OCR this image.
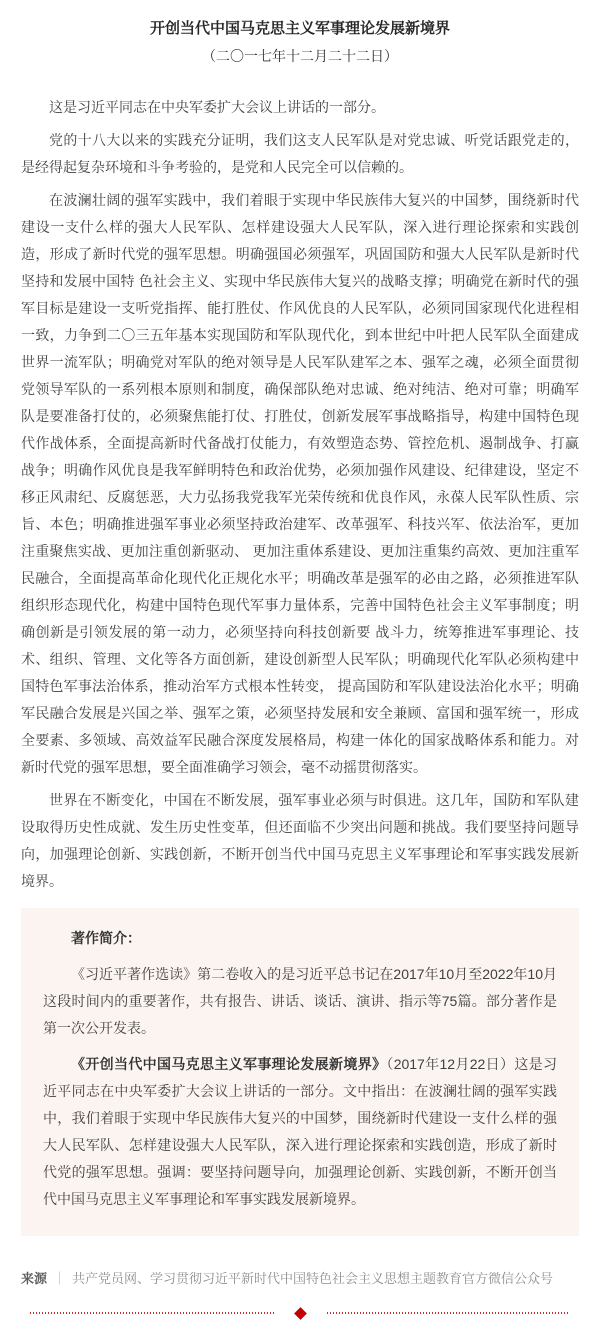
开创当代中国马克思主义军事理论发展新境界
（二〇一七年十二月二十二日）

这是习近平同志在中央军委扩大会议上讲话的一部分。

党的十八大以来的实践充分证明，我们这支人民军队是对党忠诚、听党话跟党走的，是经得起复杂环境和斗争考验的，是党和人民完全可以信赖的。

在波澜壮阔的强军实践中，我们着眼于实现中华民族伟大复兴的中国梦，围绕新时代建设一支什么样的强大人民军队、怎样建设强大人民军队，深入进行理论探索和实践创造，形成了新时代党的强军思想。明确强国必须强军，巩固国防和强大人民军队是新时代坚持和发展中国特 色社会主义、实现中华民族伟大复兴的战略支撑；明确党在新时代的强军目标是建设一支听党指挥、能打胜仗、作风优良的人民军队，必须同国家现代化进程相一致，力争到二〇三五年基本实现国防和军队现代化，到本世纪中叶把人民军队全面建成世界一流军队；明确党对军队的绝对领导是人民军队建军之本、强军之魂，必须全面贯彻党领导军队的一系列根本原则和制度，确保部队绝对忠诚、绝对纯洁、绝对可靠；明确军队是要准备打仗的，必须聚焦能打仗、打胜仗，创新发展军事战略指导，构建中国特色现代作战体系，全面提高新时代备战打仗能力，有效塑造态势、管控危机、遏制战争、打赢战争；明确作风优良是我军鲜明特色和政治优势，必须加强作风建设、纪律建设，坚定不移正风肃纪、反腐惩恶，大力弘扬我党我军光荣传统和优良作风，永葆人民军队性质、宗旨、本色；明确推进强军事业必须坚持政治建军、改革强军、科技兴军、依法治军，更加注重聚焦实战、更加注重创新驱动、 更加注重体系建设、更加注重集约高效、更加注重军民融合，全面提高革命化现代化正规化水平；明确改革是强军的必由之路，必须推进军队组织形态现代化，构建中国特色现代军事力量体系，完善中国特色社会主义军事制度；明确创新是引领发展的第一动力，必须坚持向科技创新要 战斗力，统筹推进军事理论、技术、组织、管理、文化等各方面创新，建设创新型人民军队；明确现代化军队必须构建中国特色军事法治体系，推动治军方式根本性转变， 提高国防和军队建设法治化水平；明确军民融合发展是兴国之举、强军之策，必须坚持发展和安全兼顾、富国和强军统一，形成全要素、多领域、高效益军民融合深度发展格局，构建一体化的国家战略体系和能力。对新时代党的强军思想，要全面准确学习领会，毫不动摇贯彻落实。

世界在不断变化，中国在不断发展，强军事业必须与时俱进。这几年，国防和军队建设取得历史性成就、发生历史性变革，但还面临不少突出问题和挑战。我们要坚持问题导向，加强理论创新、实践创新，不断开创当代中国马克思主义军事理论和军事实践发展新境界。

著作简介：

《习近平著作选读》第二卷收入的是习近平总书记在2017年10月至2022年10月这段时间内的重要著作，共有报告、讲话、谈话、演讲、指示等75篇。部分著作是第一次公开发表。

《开创当代中国马克思主义军事理论发展新境界》（2017年12月22日）这是习近平同志在中央军委扩大会议上讲话的一部分。文中指出：在波澜壮阔的强军实践中，我们着眼于实现中华民族伟大复兴的中国梦，围绕新时代建设一支什么样的强大人民军队、怎样建设强大人民军队，深入进行理论探索和实践创造，形成了新时代党的强军思想。强调：要坚持问题导向，加强理论创新、实践创新，不断开创当代中国马克思主义军事理论和军事实践发展新境界。

来源 ｜ 共产党员网、学习贯彻习近平新时代中国特色社会主义思想主题教育官方微信公众号
